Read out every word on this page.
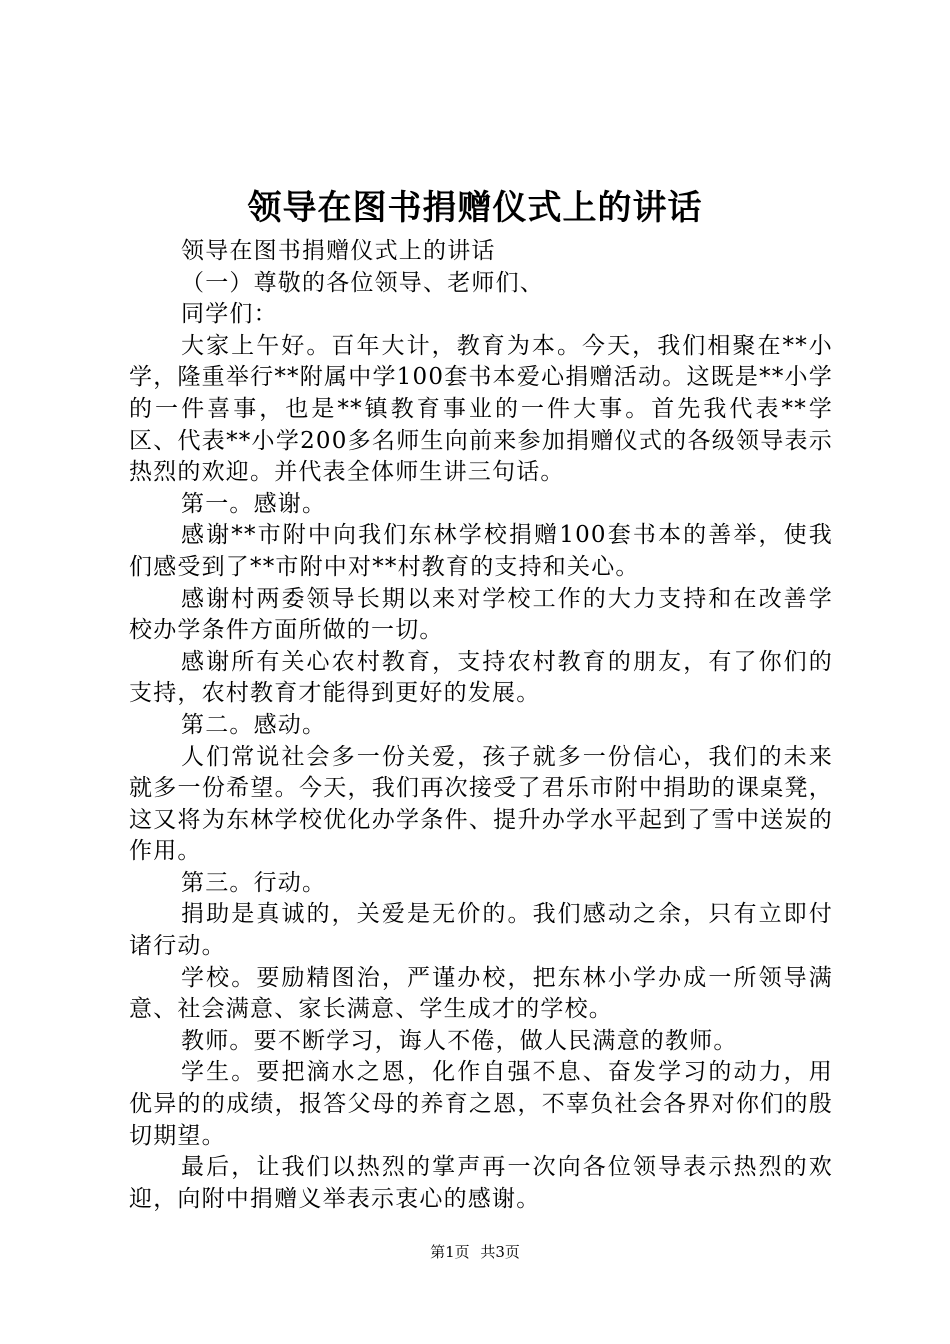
领导在图书捐赠仪式上的讲话

领导在图书捐赠仪式上的讲话

（一）尊敬的各位领导、老师们、

同学们：

大家上午好。百年大计，教育为本。今天，我们相聚在**小学，隆重举行**附属中学100套书本爱心捐赠活动。这既是**小学的一件喜事，也是**镇教育事业的一件大事。首先我代表**学区、代表**小学200多名师生向前来参加捐赠仪式的各级领导表示热烈的欢迎。并代表全体师生讲三句话。

第一。感谢。

感谢**市附中向我们东林学校捐赠100套书本的善举，使我们感受到了**市附中对**村教育的支持和关心。

感谢村两委领导长期以来对学校工作的大力支持和在改善学校办学条件方面所做的一切。

感谢所有关心农村教育，支持农村教育的朋友，有了你们的支持，农村教育才能得到更好的发展。

第二。感动。

人们常说社会多一份关爱，孩子就多一份信心，我们的未来就多一份希望。今天，我们再次接受了君乐市附中捐助的课桌凳，这又将为东林学校优化办学条件、提升办学水平起到了雪中送炭的作用。

第三。行动。

捐助是真诚的，关爱是无价的。我们感动之余，只有立即付诸行动。

学校。要励精图治，严谨办校，把东林小学办成一所领导满意、社会满意、家长满意、学生成才的学校。

教师。要不断学习，诲人不倦，做人民满意的教师。

学生。要把滴水之恩，化作自强不息、奋发学习的动力，用优异的的成绩，报答父母的养育之恩，不辜负社会各界对你们的殷切期望。

最后，让我们以热烈的掌声再一次向各位领导表示热烈的欢迎，向附中捐赠义举表示衷心的感谢。

第1页 共3页
